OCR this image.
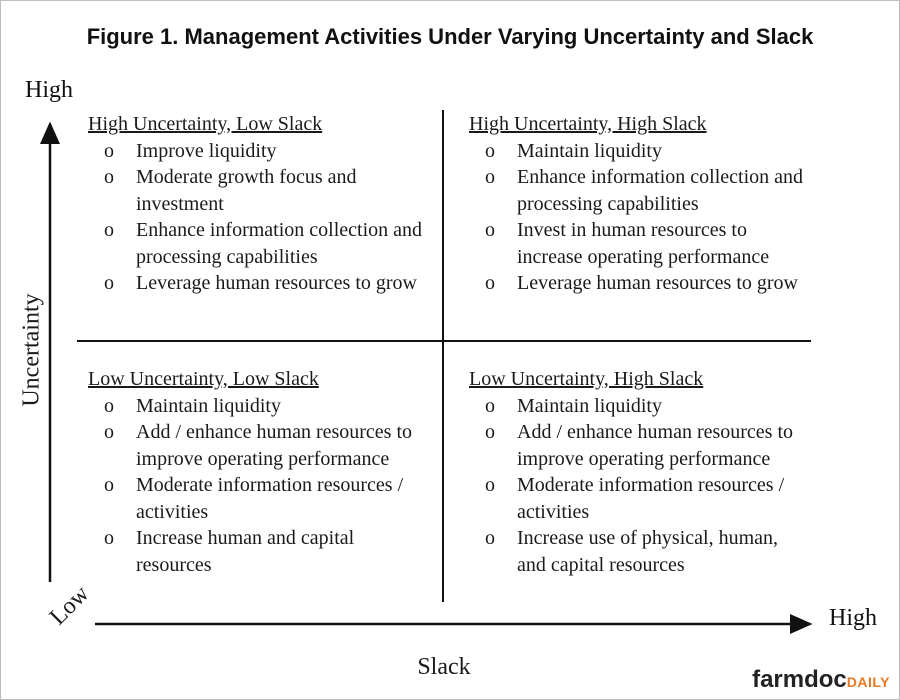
Figure 1. Management Activities Under Varying Uncertainty and Slack
High
Uncertainty
Low	High
Slack
High Uncertainty, Low Slack
o Improve liquidity
o Moderate growth focus and investment
o Enhance information collection and processing capabilities
o Leverage human resources to grow
High Uncertainty, High Slack
o Maintain liquidity
o Enhance information collection and processing capabilities
o Invest in human resources to increase operating performance
o Leverage human resources to grow
Low Uncertainty, Low Slack
o Maintain liquidity
o Add / enhance human resources to improve operating performance
o Moderate information resources / activities
o Increase human and capital resources
Low Uncertainty, High Slack
o Maintain liquidity
o Add / enhance human resources to improve operating performance
o Moderate information resources / activities
o Increase use of physical, human, and capital resources
farmdocDAILY
